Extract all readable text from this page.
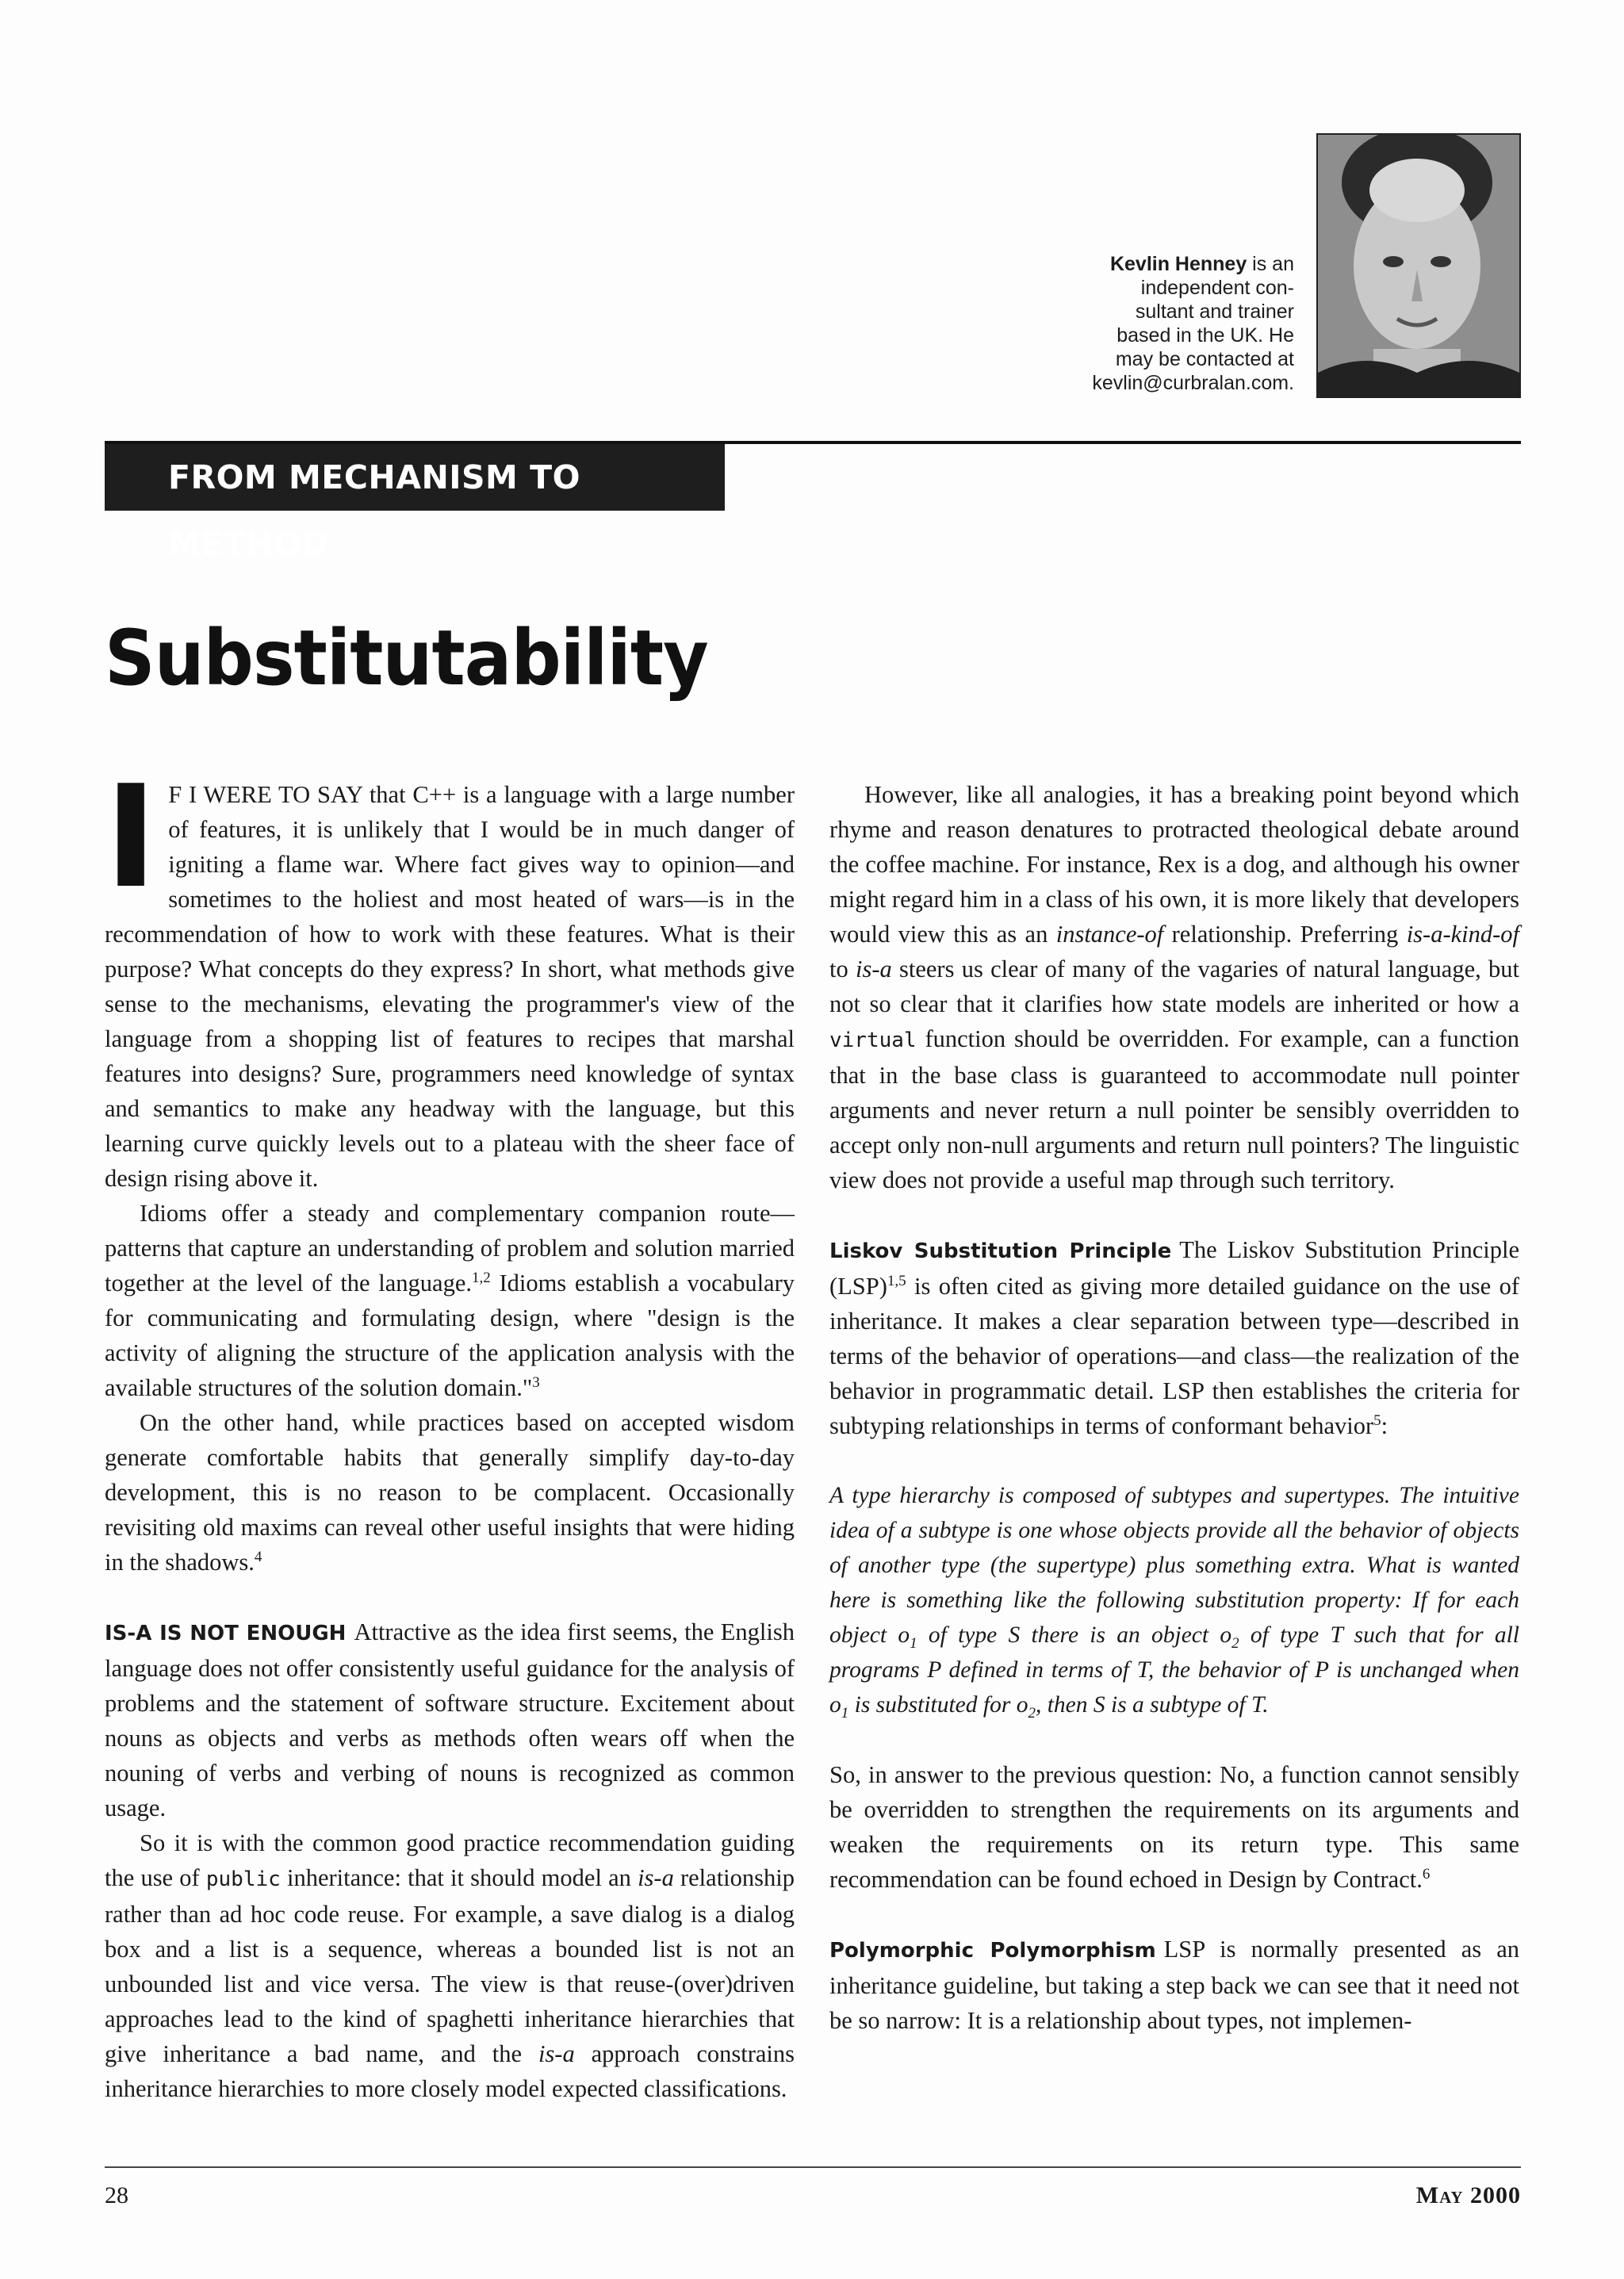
Kevlin Henney is an
independent con-
sultant and trainer
based in the UK. He
may be contacted at
kevlin@curbralan.com.
FROM MECHANISM TO METHOD
Substitutability

I F I WERE TO SAY that C++ is a language with a large number of features, it is unlikely that I would be in much danger of igniting a flame war. Where fact gives way to opinion—and sometimes to the holiest and most heated of wars—is in the recommendation of how to work with these features. What is their purpose? What concepts do they express? In short, what methods give sense to the mechanisms, elevating the programmer's view of the language from a shopping list of features to recipes that marshal features into designs? Sure, programmers need knowledge of syntax and semantics to make any headway with the language, but this learning curve quickly levels out to a plateau with the sheer face of design rising above it.

Idioms offer a steady and complementary companion route—patterns that capture an understanding of problem and solution married together at the level of the language.$^{1,2}$ Idioms establish a vocabulary for communicating and formulating design, where "design is the activity of aligning the structure of the application analysis with the available structures of the solution domain."$^3$

On the other hand, while practices based on accepted wisdom generate comfortable habits that generally simplify day-to-day development, this is no reason to be complacent. Occasionally revisiting old maxims can reveal other useful insights that were hiding in the shadows.$^4$

IS-A IS NOT ENOUGH Attractive as the idea first seems, the English language does not offer consistently useful guidance for the analysis of problems and the statement of software structure. Excitement about nouns as objects and verbs as methods often wears off when the nouning of verbs and verbing of nouns is recognized as common usage.

So it is with the common good practice recommendation guiding the use of public inheritance: that it should model an is-a relationship rather than ad hoc code reuse. For example, a save dialog is a dialog box and a list is a sequence, whereas a bounded list is not an unbounded list and vice versa. The view is that reuse-(over)driven approaches lead to the kind of spaghetti inheritance hierarchies that give inheritance a bad name, and the is-a approach constrains inheritance hierarchies to more closely model expected classifications.

However, like all analogies, it has a breaking point beyond which rhyme and reason denatures to protracted theological debate around the coffee machine. For instance, Rex is a dog, and although his owner might regard him in a class of his own, it is more likely that developers would view this as an instance-of relationship. Preferring is-a-kind-of to is-a steers us clear of many of the vagaries of natural language, but not so clear that it clarifies how state models are inherited or how a virtual function should be overridden. For example, can a function that in the base class is guaranteed to accommodate null pointer arguments and never return a null pointer be sensibly overridden to accept only non-null arguments and return null pointers? The linguistic view does not provide a useful map through such territory.

Liskov Substitution Principle The Liskov Substitution Principle (LSP)$^{1,5}$ is often cited as giving more detailed guidance on the use of inheritance. It makes a clear separation between type—described in terms of the behavior of operations—and class—the realization of the behavior in programmatic detail. LSP then establishes the criteria for subtyping relationships in terms of conformant behavior$^5$:

A type hierarchy is composed of subtypes and supertypes. The intuitive idea of a subtype is one whose objects provide all the behavior of objects of another type (the supertype) plus something extra. What is wanted here is something like the following substitution property: If for each object $o_1$ of type S there is an object $o_2$ of type T such that for all programs P defined in terms of T, the behavior of P is unchanged when $o_1$ is substituted for $o_2$, then S is a subtype of T.

So, in answer to the previous question: No, a function cannot sensibly be overridden to strengthen the requirements on its arguments and weaken the requirements on its return type. This same recommendation can be found echoed in Design by Contract.$^6$

Polymorphic Polymorphism LSP is normally presented as an inheritance guideline, but taking a step back we can see that it need not be so narrow: It is a relationship about types, not implemen-

28	May 2000
